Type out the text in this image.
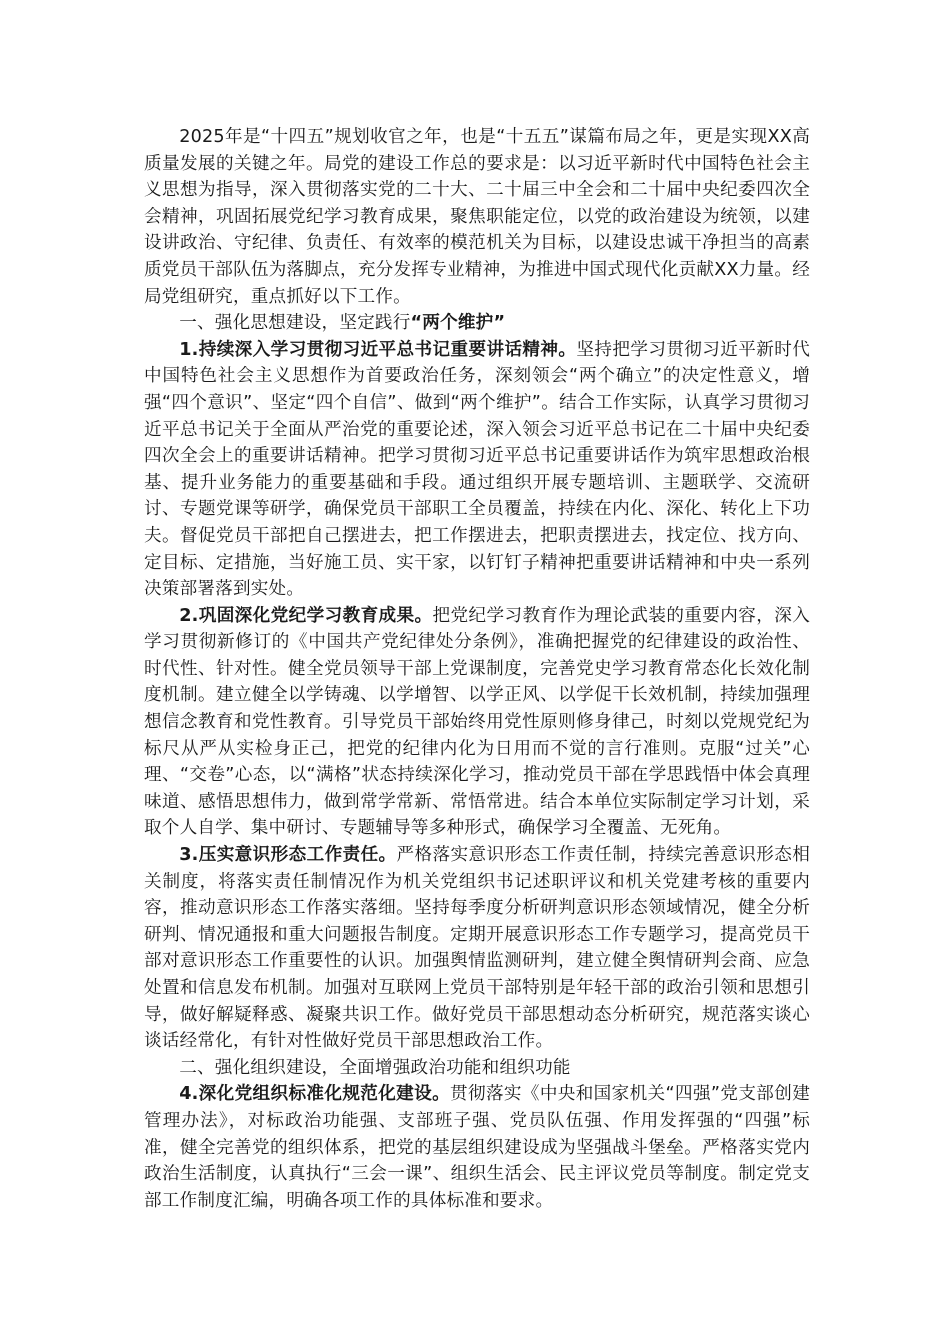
2025年是“十四五”规划收官之年，也是“十五五”谋篇布局之年，更是实现XX高质量发展的关键之年。局党的建设工作总的要求是：以习近平新时代中国特色社会主义思想为指导，深入贯彻落实党的二十大、二十届三中全会和二十届中央纪委四次全会精神，巩固拓展党纪学习教育成果，聚焦职能定位，以党的政治建设为统领，以建设讲政治、守纪律、负责任、有效率的模范机关为目标，以建设忠诚干净担当的高素质党员干部队伍为落脚点，充分发挥专业精神，为推进中国式现代化贡献XX力量。经局党组研究，重点抓好以下工作。

一、强化思想建设，坚定践行“两个维护”

1.持续深入学习贯彻习近平总书记重要讲话精神。坚持把学习贯彻习近平新时代中国特色社会主义思想作为首要政治任务，深刻领会“两个确立”的决定性意义，增强“四个意识”、坚定“四个自信”、做到“两个维护”。结合工作实际，认真学习贯彻习近平总书记关于全面从严治党的重要论述，深入领会习近平总书记在二十届中央纪委四次全会上的重要讲话精神。把学习贯彻习近平总书记重要讲话作为筑牢思想政治根基、提升业务能力的重要基础和手段。通过组织开展专题培训、主题联学、交流研讨、专题党课等研学，确保党员干部职工全员覆盖，持续在内化、深化、转化上下功夫。督促党员干部把自己摆进去，把工作摆进去，把职责摆进去，找定位、找方向、定目标、定措施，当好施工员、实干家，以钉钉子精神把重要讲话精神和中央一系列决策部署落到实处。

2.巩固深化党纪学习教育成果。把党纪学习教育作为理论武装的重要内容，深入学习贯彻新修订的《中国共产党纪律处分条例》，准确把握党的纪律建设的政治性、时代性、针对性。健全党员领导干部上党课制度，完善党史学习教育常态化长效化制度机制。建立健全以学铸魂、以学增智、以学正风、以学促干长效机制，持续加强理想信念教育和党性教育。引导党员干部始终用党性原则修身律己，时刻以党规党纪为标尺从严从实检身正己，把党的纪律内化为日用而不觉的言行准则。克服“过关”心理、“交卷”心态，以“满格”状态持续深化学习，推动党员干部在学思践悟中体会真理味道、感悟思想伟力，做到常学常新、常悟常进。结合本单位实际制定学习计划，采取个人自学、集中研讨、专题辅导等多种形式，确保学习全覆盖、无死角。

3.压实意识形态工作责任。严格落实意识形态工作责任制，持续完善意识形态相关制度，将落实责任制情况作为机关党组织书记述职评议和机关党建考核的重要内容，推动意识形态工作落实落细。坚持每季度分析研判意识形态领域情况，健全分析研判、情况通报和重大问题报告制度。定期开展意识形态工作专题学习，提高党员干部对意识形态工作重要性的认识。加强舆情监测研判，建立健全舆情研判会商、应急处置和信息发布机制。加强对互联网上党员干部特别是年轻干部的政治引领和思想引导，做好解疑释惑、凝聚共识工作。做好党员干部思想动态分析研究，规范落实谈心谈话经常化，有针对性做好党员干部思想政治工作。

二、强化组织建设，全面增强政治功能和组织功能

4.深化党组织标准化规范化建设。贯彻落实《中央和国家机关“四强”党支部创建管理办法》，对标政治功能强、支部班子强、党员队伍强、作用发挥强的“四强”标准，健全完善党的组织体系，把党的基层组织建设成为坚强战斗堡垒。严格落实党内政治生活制度，认真执行“三会一课”、组织生活会、民主评议党员等制度。制定党支部工作制度汇编，明确各项工作的具体标准和要求。
